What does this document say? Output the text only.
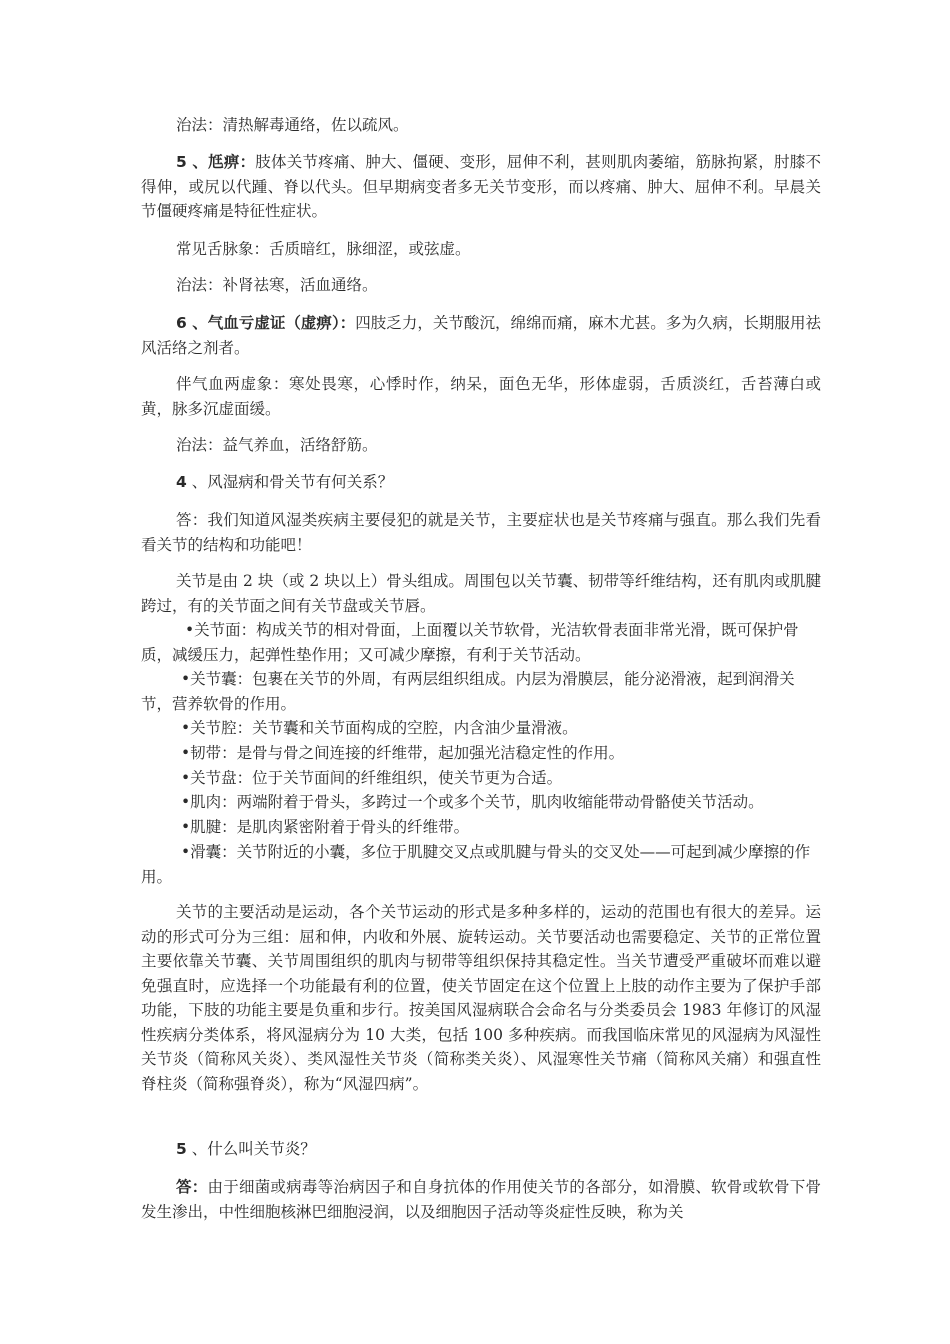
治法：清热解毒通络，佐以疏风。

5 、尪痹：肢体关节疼痛、肿大、僵硬、变形，屈伸不利，甚则肌肉萎缩，筋脉拘紧，肘膝不得伸，或尻以代踵、脊以代头。但早期病变者多无关节变形，而以疼痛、肿大、屈伸不利。早晨关节僵硬疼痛是特征性症状。

常见舌脉象：舌质暗红，脉细涩，或弦虚。

治法：补肾祛寒，活血通络。

6 、气血亏虚证（虚痹）：四肢乏力，关节酸沉，绵绵而痛，麻木尤甚。多为久病，长期服用祛风活络之剂者。

伴气血两虚象：寒处畏寒，心悸时作，纳呆，面色无华，形体虚弱，舌质淡红，舌苔薄白或黄，脉多沉虚面缓。

治法：益气养血，活络舒筋。

4 、风湿病和骨关节有何关系？

答：我们知道风湿类疾病主要侵犯的就是关节，主要症状也是关节疼痛与强直。那么我们先看看关节的结构和功能吧！

关节是由 2 块（或 2 块以上）骨头组成。周围包以关节囊、韧带等纤维结构，还有肌肉或肌腱跨过，有的关节面之间有关节盘或关节唇。

•关节面：构成关节的相对骨面，上面覆以关节软骨，光洁软骨表面非常光滑，既可保护骨质，减缓压力，起弹性垫作用；又可减少摩擦，有利于关节活动。

•关节囊：包裹在关节的外周，有两层组织组成。内层为滑膜层，能分泌滑液，起到润滑关节，营养软骨的作用。

•关节腔：关节囊和关节面构成的空腔，内含油少量滑液。

•韧带：是骨与骨之间连接的纤维带，起加强光洁稳定性的作用。

•关节盘：位于关节面间的纤维组织，使关节更为合适。

•肌肉：两端附着于骨头，多跨过一个或多个关节，肌肉收缩能带动骨骼使关节活动。

•肌腱：是肌肉紧密附着于骨头的纤维带。

•滑囊：关节附近的小囊，多位于肌腱交叉点或肌腱与骨头的交叉处——可起到减少摩擦的作用。

关节的主要活动是运动，各个关节运动的形式是多种多样的，运动的范围也有很大的差异。运动的形式可分为三组：屈和伸，内收和外展、旋转运动。关节要活动也需要稳定、关节的正常位置主要依靠关节囊、关节周围组织的肌肉与韧带等组织保持其稳定性。当关节遭受严重破坏而难以避免强直时，应选择一个功能最有利的位置，使关节固定在这个位置上上肢的动作主要为了保护手部功能，下肢的功能主要是负重和步行。按美国风湿病联合会命名与分类委员会 1983 年修订的风湿性疾病分类体系，将风湿病分为 10 大类，包括 100 多种疾病。而我国临床常见的风湿病为风湿性关节炎（简称风关炎）、类风湿性关节炎（简称类关炎）、风湿寒性关节痛（简称风关痛）和强直性脊柱炎（简称强脊炎），称为“风湿四病”。

5 、什么叫关节炎？

答：由于细菌或病毒等治病因子和自身抗体的作用使关节的各部分，如滑膜、软骨或软骨下骨发生渗出，中性细胞核淋巴细胞浸润，以及细胞因子活动等炎症性反映，称为关
